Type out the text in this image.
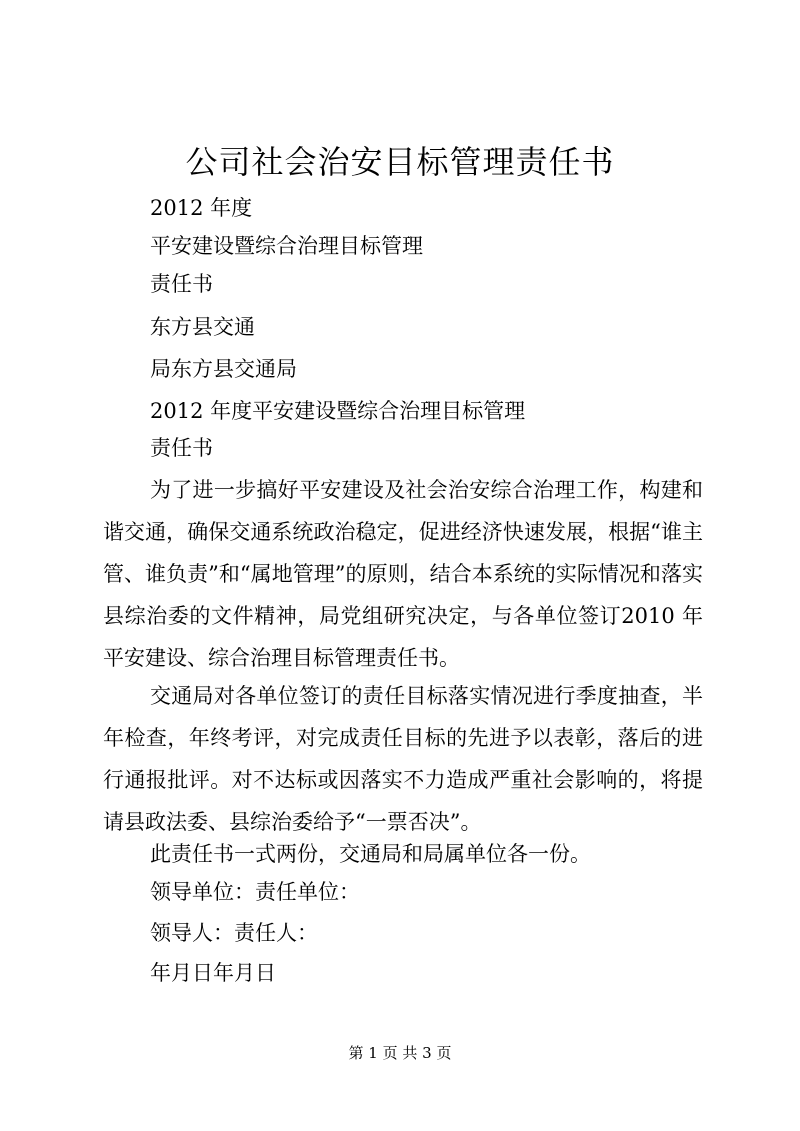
公司社会治安目标管理责任书
2012 年度
平安建设暨综合治理目标管理
责任书
东方县交通
局东方县交通局
2012 年度平安建设暨综合治理目标管理
责任书

为了进一步搞好平安建设及社会治安综合治理工作，构建和谐交通，确保交通系统政治稳定，促进经济快速发展，根据“谁主管、谁负责”和“属地管理”的原则，结合本系统的实际情况和落实县综治委的文件精神，局党组研究决定，与各单位签订2010 年平安建设、综合治理目标管理责任书。

交通局对各单位签订的责任目标落实情况进行季度抽查，半年检查，年终考评，对完成责任目标的先进予以表彰，落后的进行通报批评。对不达标或因落实不力造成严重社会影响的，将提请县政法委、县综治委给予“一票否决”。

此责任书一式两份，交通局和局属单位各一份。
领导单位：责任单位：
领导人：责任人：
年月日年月日
第 1 页 共 3 页
